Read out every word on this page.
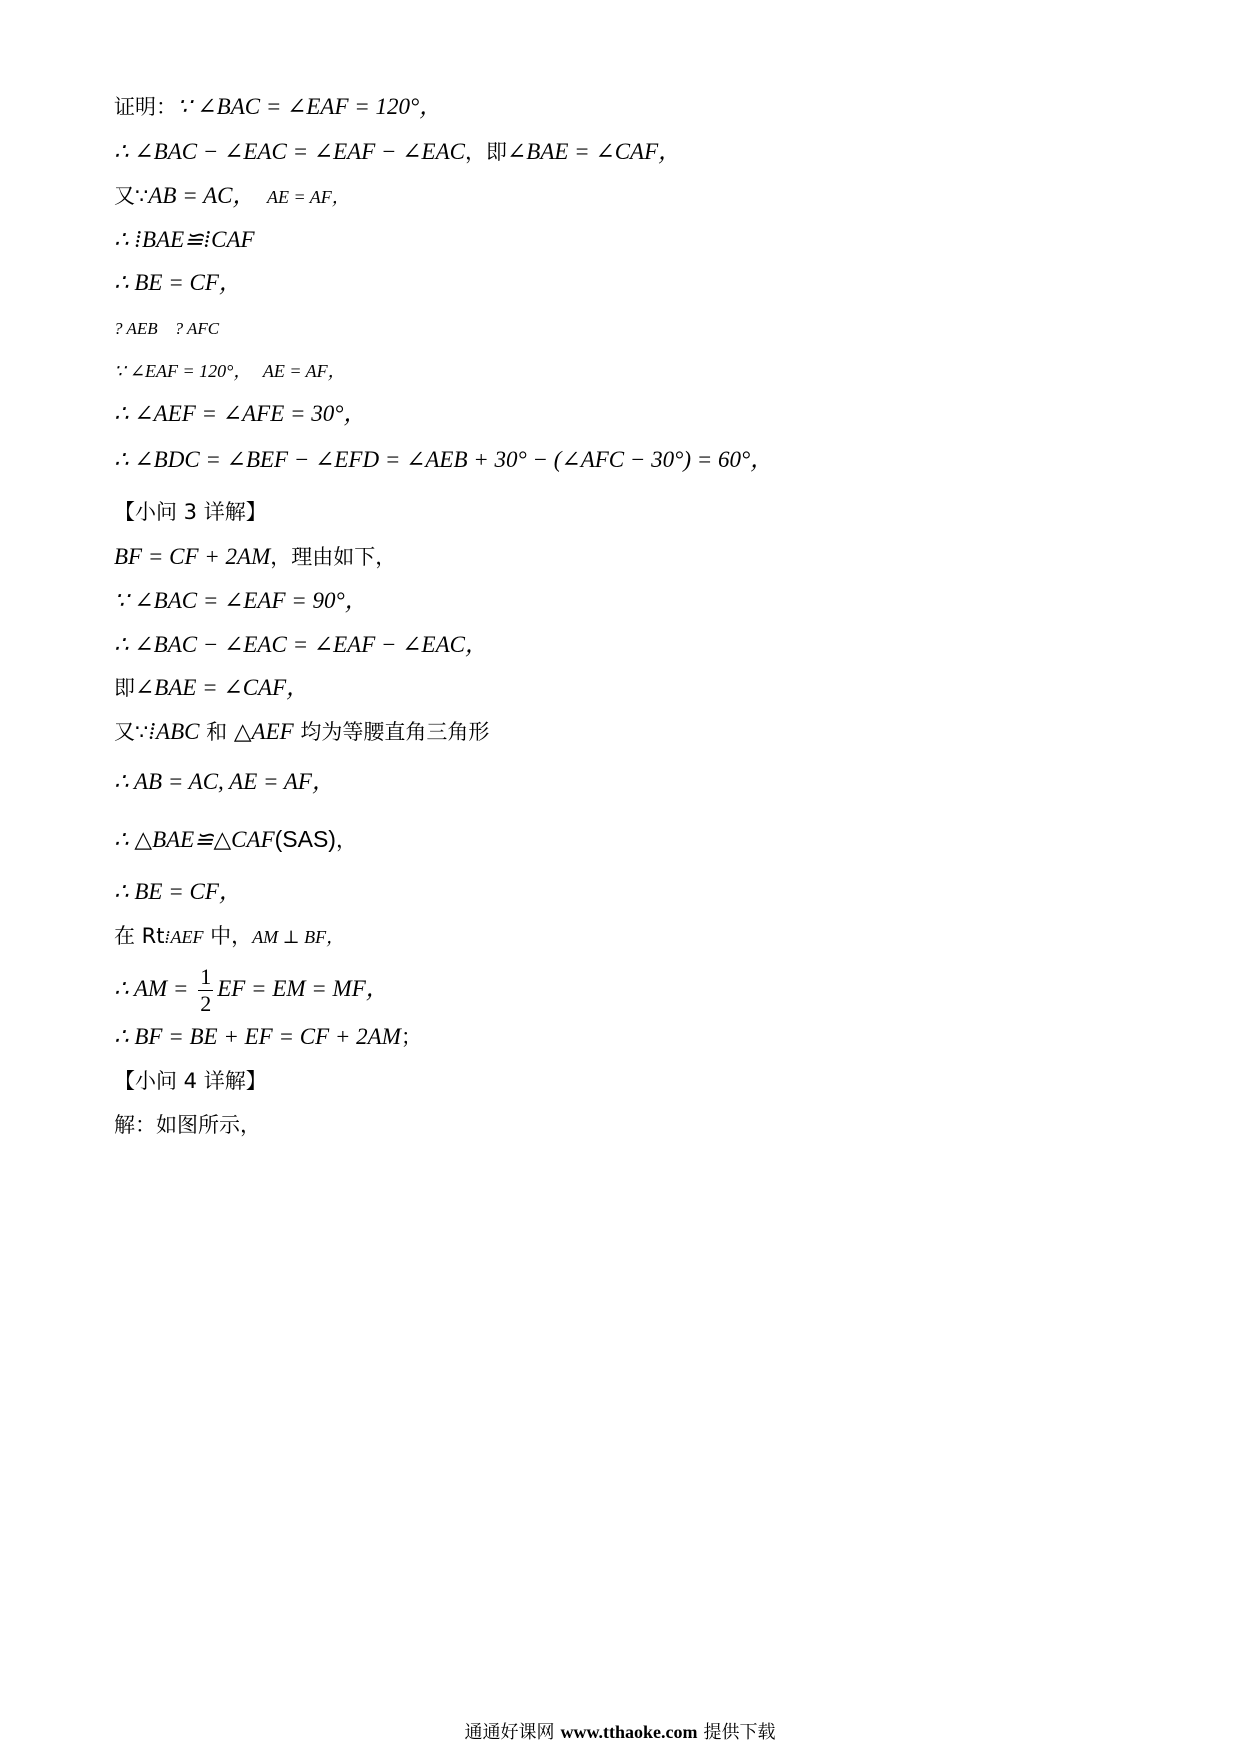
证明：∵ ∠BAC = ∠EAF = 120°，
∴ ∠BAC − ∠EAC = ∠EAF − ∠EAC，即∠BAE = ∠CAF，
又∵AB = AC， AE = AF，
∴ ⁞BAE≌⁞CAF
∴ BE = CF，
? AEB    ? AFC
∵ ∠EAF = 120°， AE = AF，
∴ ∠AEF = ∠AFE = 30°，
∴ ∠BDC = ∠BEF − ∠EFD = ∠AEB + 30° − (∠AFC − 30°) = 60°，
【小问 3 详解】
BF = CF + 2AM，理由如下，
∵ ∠BAC = ∠EAF = 90°，
∴ ∠BAC − ∠EAC = ∠EAF − ∠EAC，
即∠BAE = ∠CAF，
又∵⁞ABC 和 △AEF 均为等腰直角三角形
∴ AB = AC, AE = AF，
∴ △BAE≌△CAF(SAS)，
∴ BE = CF，
在 Rt⁞AEF 中，AM ⊥ BF，
∴ AM = $\frac{1}{2}$ EF = EM = MF，
∴ BF = BE + EF = CF + 2AM；
【小问 4 详解】
解：如图所示，
通通好课网 www.tthaoke.com 提供下载
